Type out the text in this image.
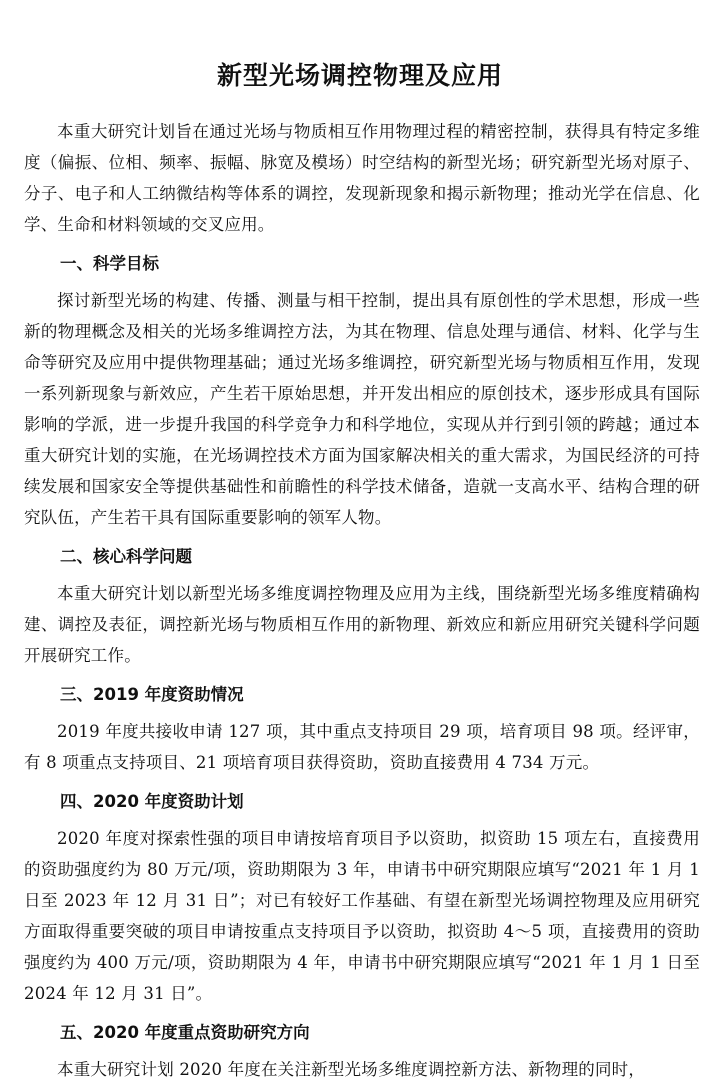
新型光场调控物理及应用

本重大研究计划旨在通过光场与物质相互作用物理过程的精密控制，获得具有特定多维度（偏振、位相、频率、振幅、脉宽及模场）时空结构的新型光场；研究新型光场对原子、分子、电子和人工纳微结构等体系的调控，发现新现象和揭示新物理；推动光学在信息、化学、生命和材料领域的交叉应用。

一、科学目标

探讨新型光场的构建、传播、测量与相干控制，提出具有原创性的学术思想，形成一些新的物理概念及相关的光场多维调控方法，为其在物理、信息处理与通信、材料、化学与生命等研究及应用中提供物理基础；通过光场多维调控，研究新型光场与物质相互作用，发现一系列新现象与新效应，产生若干原始思想，并开发出相应的原创技术，逐步形成具有国际影响的学派，进一步提升我国的科学竞争力和科学地位，实现从并行到引领的跨越；通过本重大研究计划的实施，在光场调控技术方面为国家解决相关的重大需求，为国民经济的可持续发展和国家安全等提供基础性和前瞻性的科学技术储备，造就一支高水平、结构合理的研究队伍，产生若干具有国际重要影响的领军人物。

二、核心科学问题

本重大研究计划以新型光场多维度调控物理及应用为主线，围绕新型光场多维度精确构建、调控及表征，调控新光场与物质相互作用的新物理、新效应和新应用研究关键科学问题开展研究工作。

三、2019 年度资助情况

2019 年度共接收申请 127 项，其中重点支持项目 29 项，培育项目 98 项。经评审，有 8 项重点支持项目、21 项培育项目获得资助，资助直接费用 4 734 万元。

四、2020 年度资助计划

2020 年度对探索性强的项目申请按培育项目予以资助，拟资助 15 项左右，直接费用的资助强度约为 80 万元/项，资助期限为 3 年，申请书中研究期限应填写“2021 年 1 月 1 日至 2023 年 12 月 31 日”；对已有较好工作基础、有望在新型光场调控物理及应用研究方面取得重要突破的项目申请按重点支持项目予以资助，拟资助 4～5 项，直接费用的资助强度约为 400 万元/项，资助期限为 4 年，申请书中研究期限应填写“2021 年 1 月 1 日至 2024 年 12 月 31 日”。

五、2020 年度重点资助研究方向

本重大研究计划 2020 年度在关注新型光场多维度调控新方法、新物理的同时，
